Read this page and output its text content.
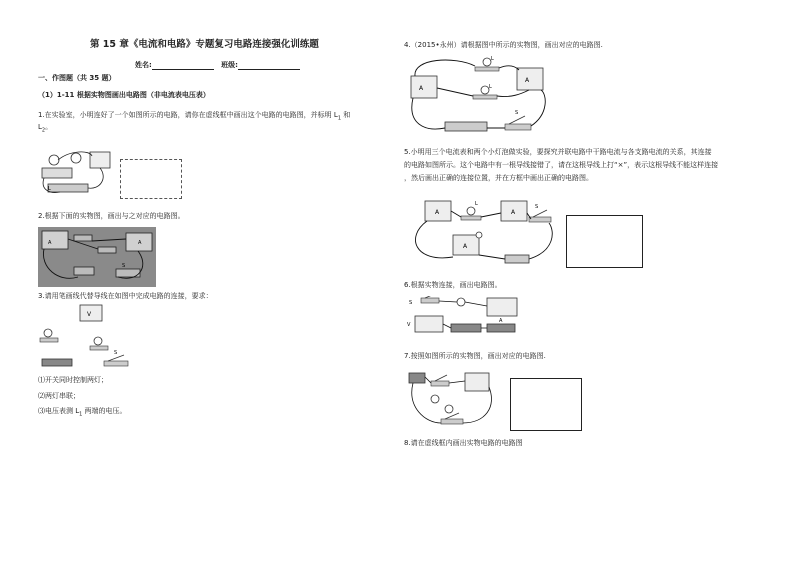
第 15 章《电流和电路》专题复习电路连接强化训练题
姓名:	班级:
一、作图题（共 35 题）
（1）1-11 根据实物图画出电路图（非电流表电压表）
1.在实验室，小明连好了一个如图所示的电路，请你在虚线框中画出这个电路的电路图，并标明 $L_1$ 和
$L_2$。
L
2.根据下面的实物图，画出与之对应的电路图。
A	A
S
3.请用笔画线代替导线在如图中完成电路的连接，要求：
V
S
⑴开关同时控制两灯；
⑵两灯串联；
⑶电压表测 $L_1$ 两端的电压。
4.（2015•永州）请根据图中所示的实物图，画出对应的电路图.
A
A
S
L
L
5.小明用三个电流表和两个小灯泡做实验，要探究并联电路中干路电流与各支路电流的关系，其连接
的电路如图所示。这个电路中有一根导线接错了，请在这根导线上打“×”，表示这根导线不能这样连接
，然后画出正确的连接位置，并在方框中画出正确的电路图。
A	A
A
L	S
6.根据实物连接，画出电路图。
S
V
A
7.按照如图所示的实物图，画出对应的电路图.
8.请在虚线框内画出实物电路的电路图
